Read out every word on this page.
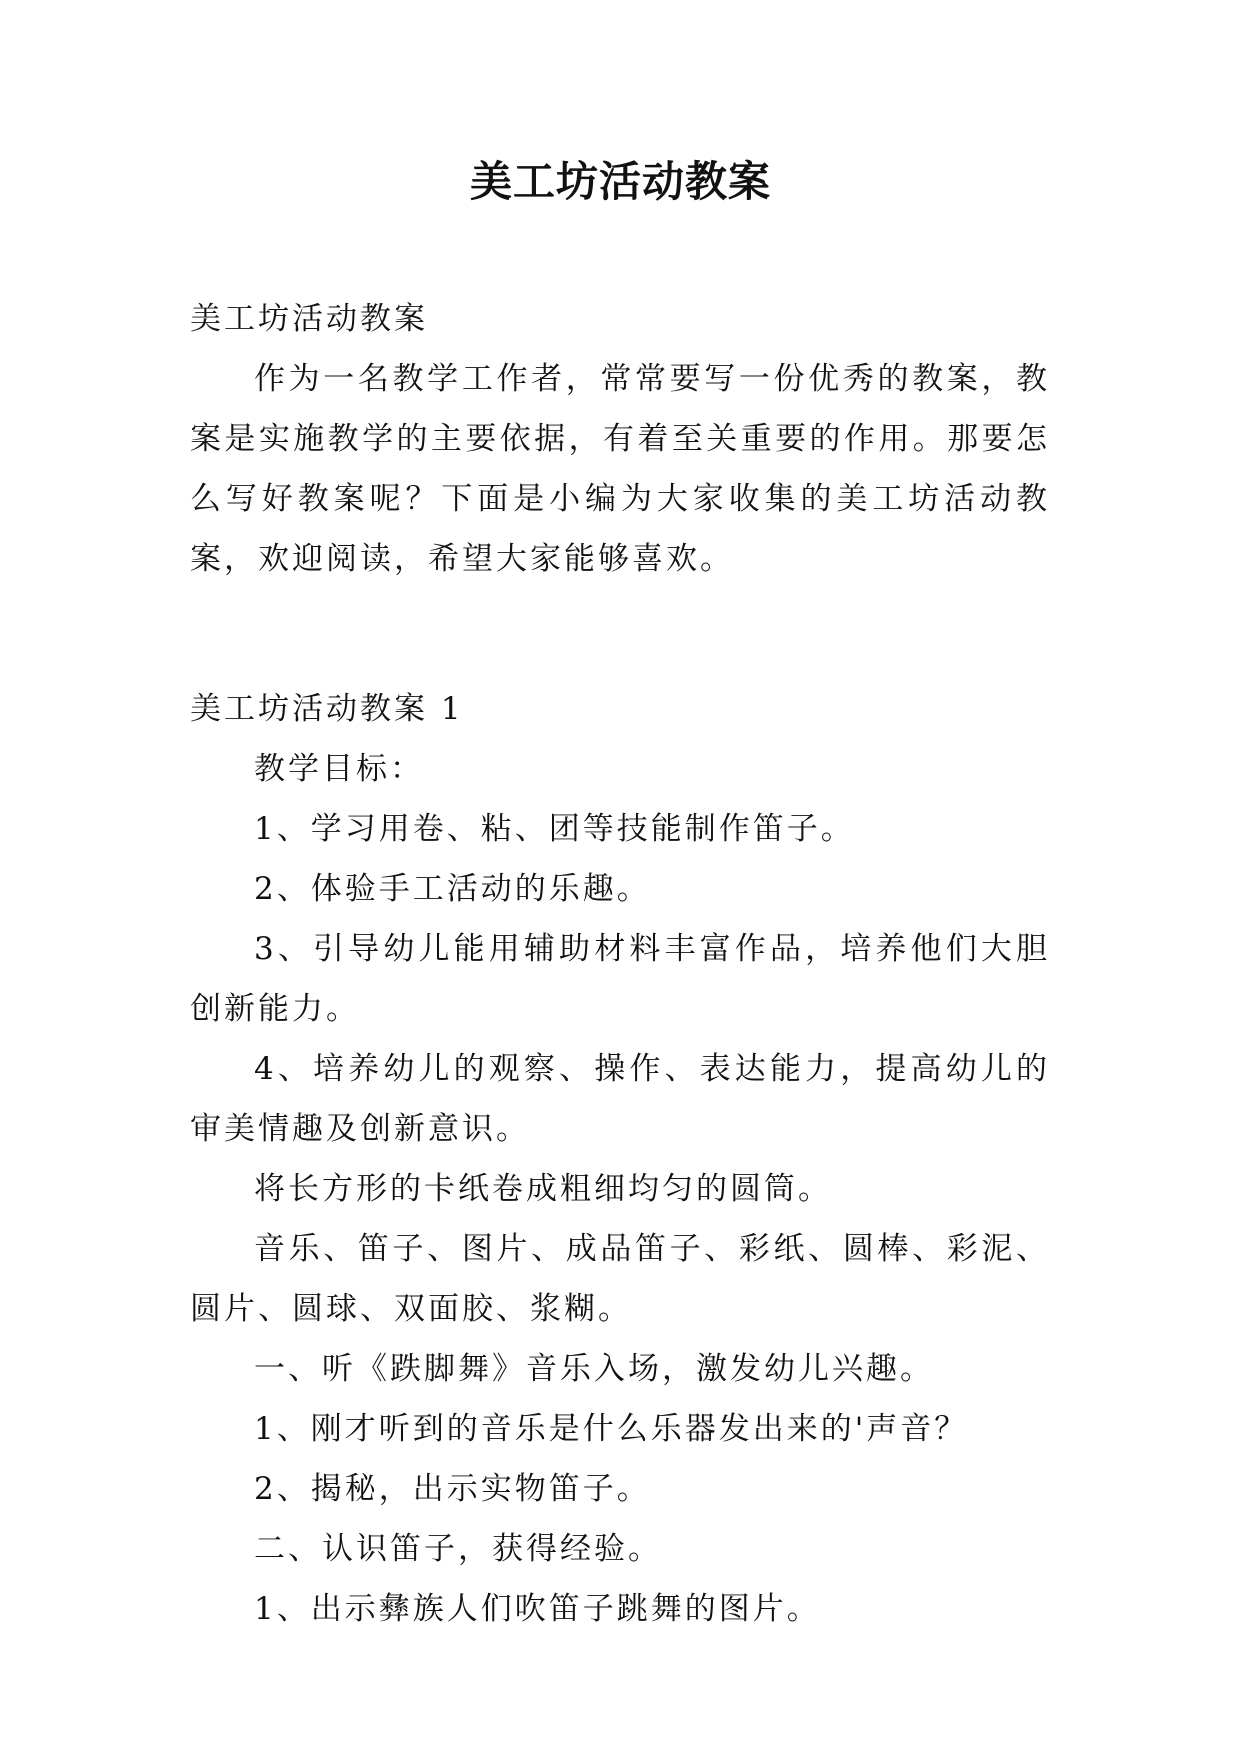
美工坊活动教案

美工坊活动教案

作为一名教学工作者，常常要写一份优秀的教案，教案是实施教学的主要依据，有着至关重要的作用。那要怎么写好教案呢？下面是小编为大家收集的美工坊活动教案，欢迎阅读，希望大家能够喜欢。

美工坊活动教案 1

教学目标：

1、学习用卷、粘、团等技能制作笛子。

2、体验手工活动的乐趣。

3、引导幼儿能用辅助材料丰富作品，培养他们大胆创新能力。

4、培养幼儿的观察、操作、表达能力，提高幼儿的审美情趣及创新意识。

将长方形的卡纸卷成粗细均匀的圆筒。

音乐、笛子、图片、成品笛子、彩纸、圆棒、彩泥、圆片、圆球、双面胶、浆糊。

一、听《跌脚舞》音乐入场，激发幼儿兴趣。

1、刚才听到的音乐是什么乐器发出来的'声音？

2、揭秘，出示实物笛子。

二、认识笛子，获得经验。

1、出示彝族人们吹笛子跳舞的图片。
